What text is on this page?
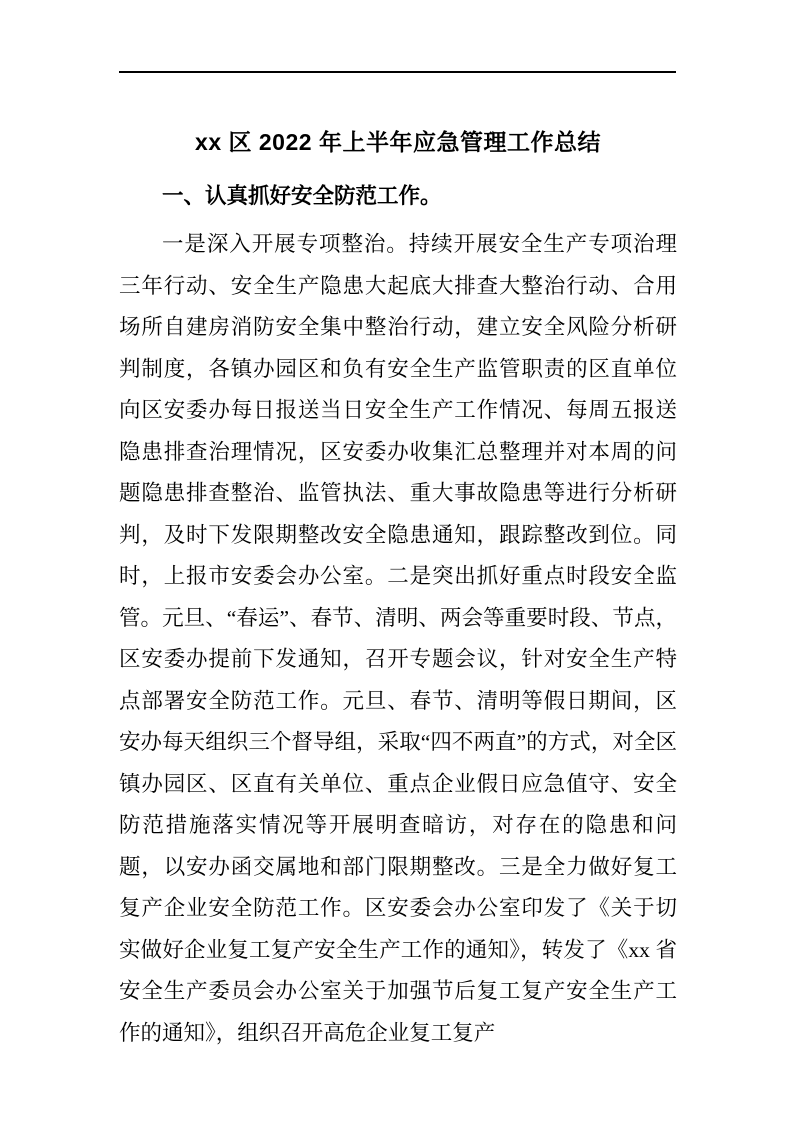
xx 区 2022 年上半年应急管理工作总结
一、认真抓好安全防范工作。

一是深入开展专项整治。持续开展安全生产专项治理三年行动、安全生产隐患大起底大排查大整治行动、合用场所自建房消防安全集中整治行动，建立安全风险分析研判制度，各镇办园区和负有安全生产监管职责的区直单位向区安委办每日报送当日安全生产工作情况、每周五报送隐患排查治理情况，区安委办收集汇总整理并对本周的问题隐患排查整治、监管执法、重大事故隐患等进行分析研判，及时下发限期整改安全隐患通知，跟踪整改到位。同时，上报市安委会办公室。二是突出抓好重点时段安全监管。元旦、“春运”、春节、清明、两会等重要时段、节点，区安委办提前下发通知，召开专题会议，针对安全生产特点部署安全防范工作。元旦、春节、清明等假日期间，区安办每天组织三个督导组，采取“四不两直”的方式，对全区镇办园区、区直有关单位、重点企业假日应急值守、安全防范措施落实情况等开展明查暗访，对存在的隐患和问题，以安办函交属地和部门限期整改。三是全力做好复工复产企业安全防范工作。区安委会办公室印发了《关于切实做好企业复工复产安全生产工作的通知》，转发了《xx 省安全生产委员会办公室关于加强节后复工复产安全生产工作的通知》，组织召开高危企业复工复产
